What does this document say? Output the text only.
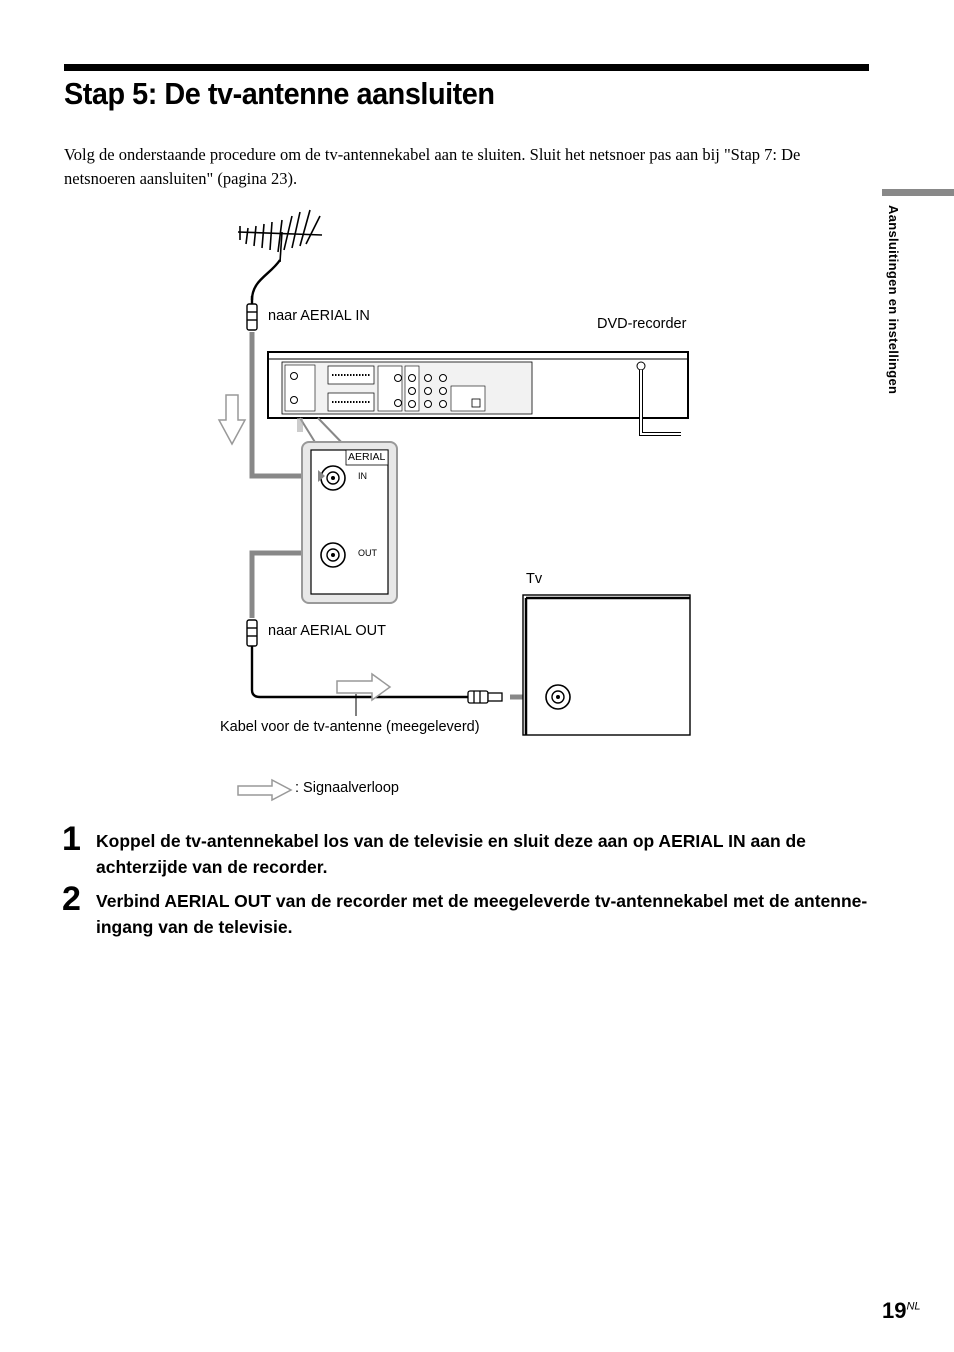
Stap 5: De tv-antenne aansluiten

Volg de onderstaande procedure om de tv-antennekabel aan te sluiten. Sluit het netsnoer pas aan bij "Stap 7: De netsnoeren aansluiten" (pagina 23).

Aansluitingen en instellingen
naar AERIAL IN	DVD-recorder
AERIAL
IN
OUT
Tv
naar AERIAL OUT
Kabel voor de tv-antenne (meegeleverd)
: Signaalverloop
1 Koppel de tv-antennekabel los van de televisie en sluit deze aan op AERIAL IN aan de achterzijde van de recorder.
2 Verbind AERIAL OUT van de recorder met de meegeleverde tv-antennekabel met de antenne-ingang van de televisie.
$19^{NL}$
